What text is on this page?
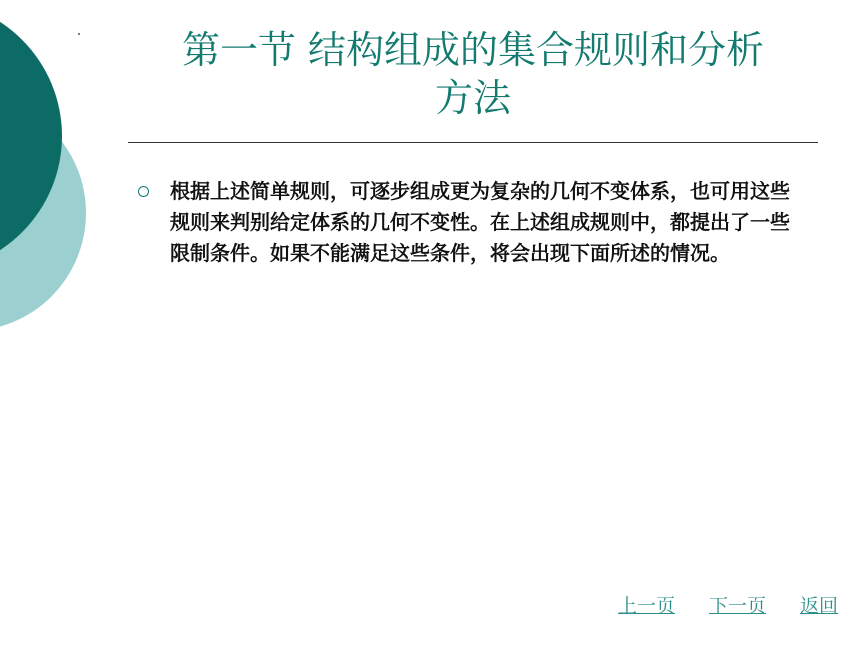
第一节 结构组成的集合规则和分析
方法
根据上述简单规则，可逐步组成更为复杂的几何不变体系，也可用这些规则来判别给定体系的几何不变性。在上述组成规则中，都提出了一些限制条件。如果不能满足这些条件，将会出现下面所述的情况。
上一页 下一页 返回
